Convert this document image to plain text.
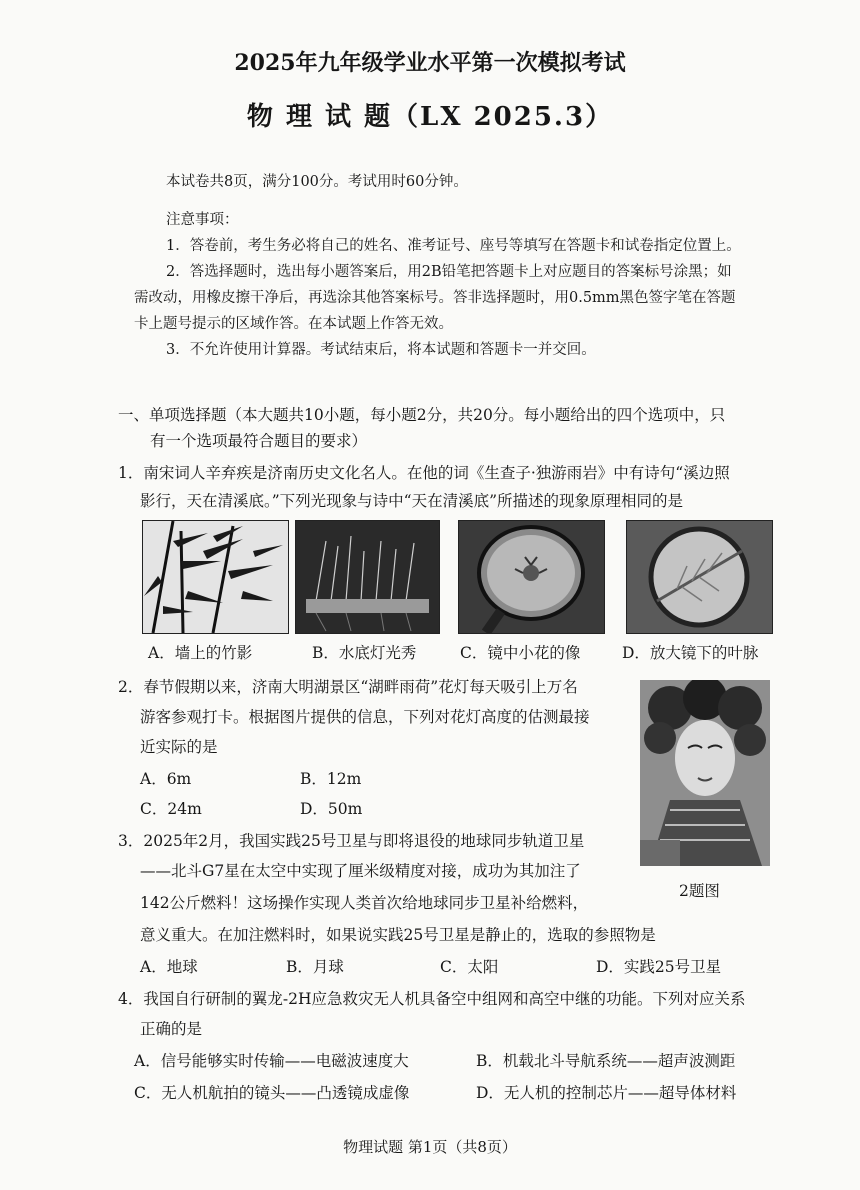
2025年九年级学业水平第一次模拟考试
物 理 试 题（LX 2025.3）
本试卷共8页，满分100分。考试用时60分钟。
注意事项：
1．答卷前，考生务必将自己的姓名、准考证号、座号等填写在答题卡和试卷指定位置上。
2．答选择题时，选出每小题答案后，用2B铅笔把答题卡上对应题目的答案标号涂黑；如
需改动，用橡皮擦干净后，再选涂其他答案标号。答非选择题时，用0.5mm黑色签字笔在答题
卡上题号提示的区域作答。在本试题上作答无效。
3．不允许使用计算器。考试结束后，将本试题和答题卡一并交回。
一、单项选择题（本大题共10小题，每小题2分，共20分。每小题给出的四个选项中，只
有一个选项最符合题目的要求）
1．南宋词人辛弃疾是济南历史文化名人。在他的词《生查子·独游雨岩》中有诗句“溪边照
影行，天在清溪底。”下列光现象与诗中“天在清溪底”所描述的现象原理相同的是
A．墙上的竹影	B．水底灯光秀	C．镜中小花的像	D．放大镜下的叶脉
2．春节假期以来，济南大明湖景区“湖畔雨荷”花灯每天吸引上万名
游客参观打卡。根据图片提供的信息，下列对花灯高度的估测最接
近实际的是
A．6m	B．12m
C．24m	D．50m
2题图
3．2025年2月，我国实践25号卫星与即将退役的地球同步轨道卫星
——北斗G7星在太空中实现了厘米级精度对接，成功为其加注了
142公斤燃料！这场操作实现人类首次给地球同步卫星补给燃料，
意义重大。在加注燃料时，如果说实践25号卫星是静止的，选取的参照物是
A．地球	B．月球	C．太阳	D．实践25号卫星
4．我国自行研制的翼龙-2H应急救灾无人机具备空中组网和高空中继的功能。下列对应关系
正确的是
A．信号能够实时传输——电磁波速度大	B．机载北斗导航系统——超声波测距
C．无人机航拍的镜头——凸透镜成虚像	D．无人机的控制芯片——超导体材料
物理试题 第1页（共8页）
